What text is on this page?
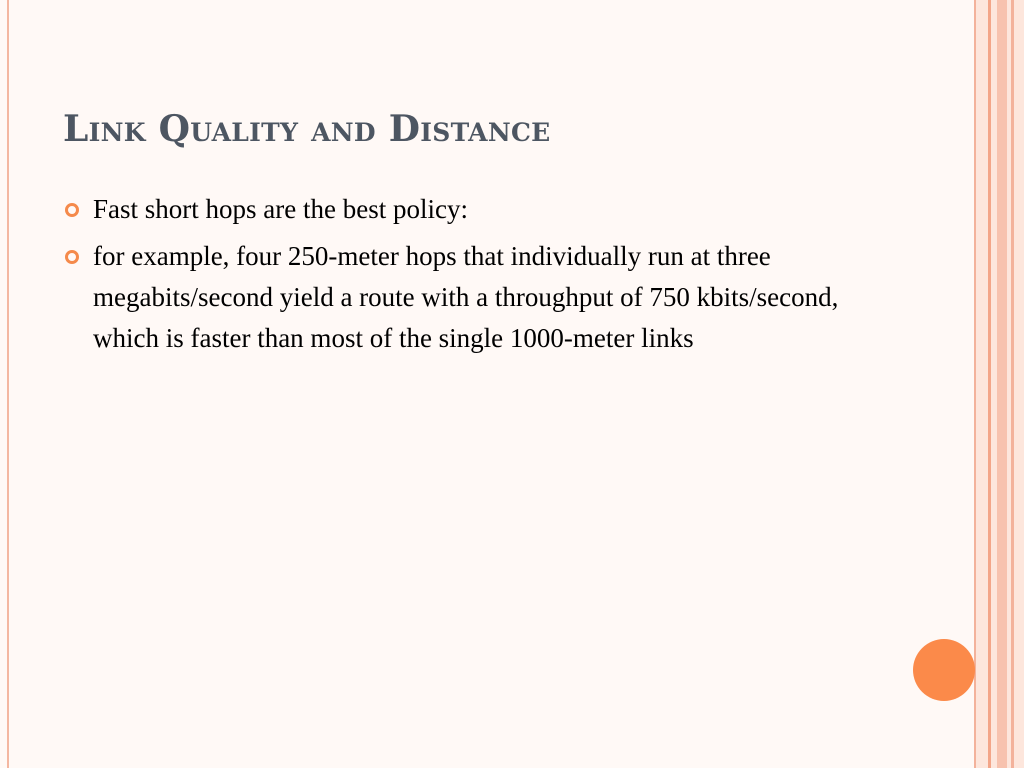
Link Quality and Distance
Fast short hops are the best policy:
for example, four 250-meter hops that individually run at three megabits/second yield a route with a throughput of 750 kbits/second, which is faster than most of the single 1000-meter links
